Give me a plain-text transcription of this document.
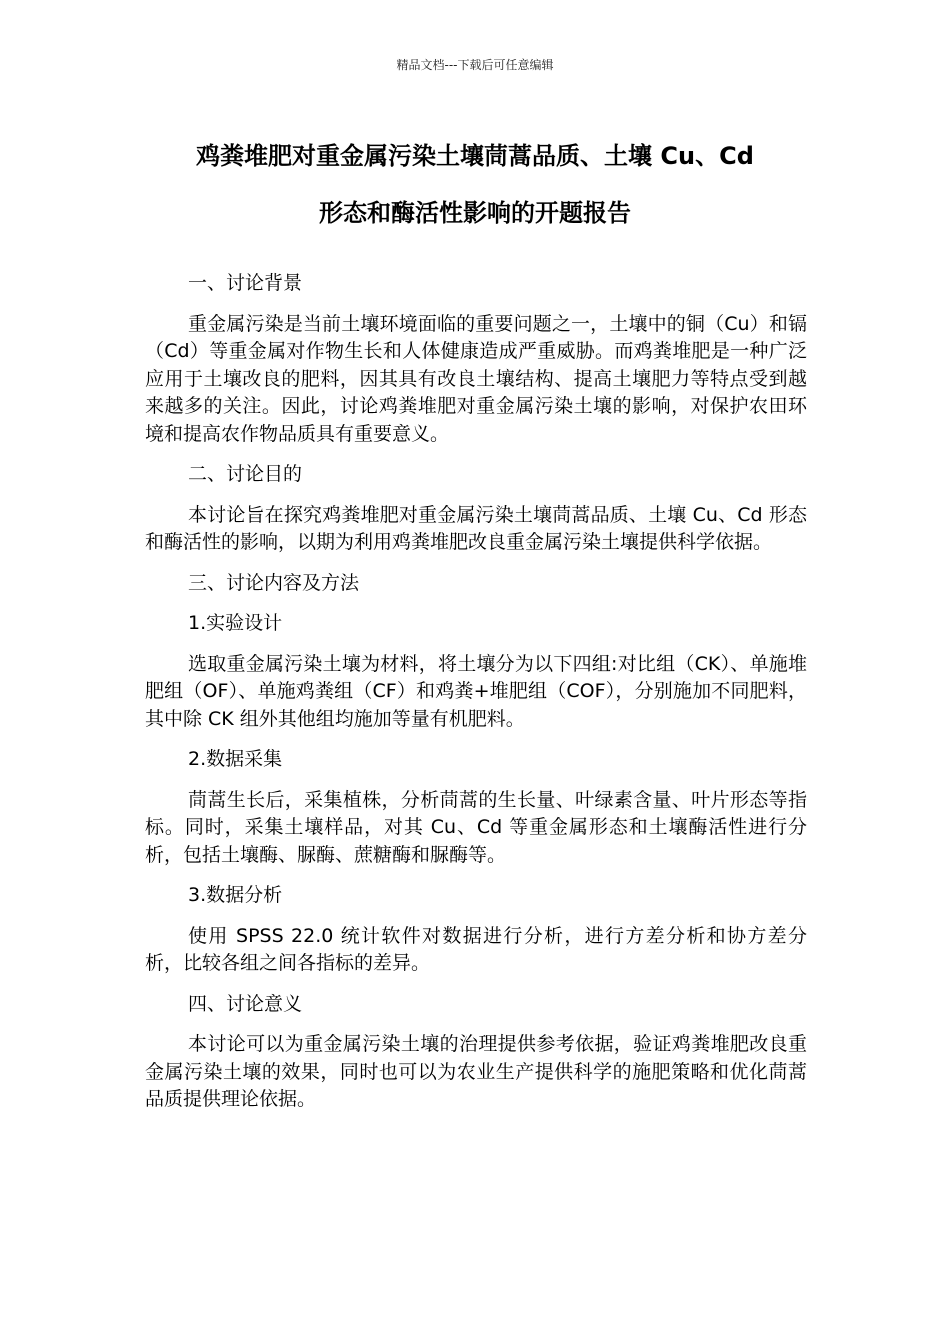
精品文档---下载后可任意编辑
鸡粪堆肥对重金属污染土壤茼蒿品质、土壤 Cu、Cd
形态和酶活性影响的开题报告

一、讨论背景

重金属污染是当前土壤环境面临的重要问题之一，土壤中的铜（Cu）和镉（Cd）等重金属对作物生长和人体健康造成严重威胁。而鸡粪堆肥是一种广泛应用于土壤改良的肥料，因其具有改良土壤结构、提高土壤肥力等特点受到越来越多的关注。因此，讨论鸡粪堆肥对重金属污染土壤的影响，对保护农田环境和提高农作物品质具有重要意义。

二、讨论目的

本讨论旨在探究鸡粪堆肥对重金属污染土壤茼蒿品质、土壤 Cu、Cd 形态和酶活性的影响，以期为利用鸡粪堆肥改良重金属污染土壤提供科学依据。

三、讨论内容及方法

1.实验设计

选取重金属污染土壤为材料，将土壤分为以下四组:对比组（CK）、单施堆肥组（OF）、单施鸡粪组（CF）和鸡粪+堆肥组（COF），分别施加不同肥料，其中除 CK 组外其他组均施加等量有机肥料。

2.数据采集

茼蒿生长后，采集植株，分析茼蒿的生长量、叶绿素含量、叶片形态等指标。同时，采集土壤样品，对其 Cu、Cd 等重金属形态和土壤酶活性进行分析，包括土壤酶、脲酶、蔗糖酶和脲酶等。

3.数据分析

使用 SPSS 22.0 统计软件对数据进行分析，进行方差分析和协方差分析，比较各组之间各指标的差异。

四、讨论意义

本讨论可以为重金属污染土壤的治理提供参考依据，验证鸡粪堆肥改良重金属污染土壤的效果，同时也可以为农业生产提供科学的施肥策略和优化茼蒿品质提供理论依据。
